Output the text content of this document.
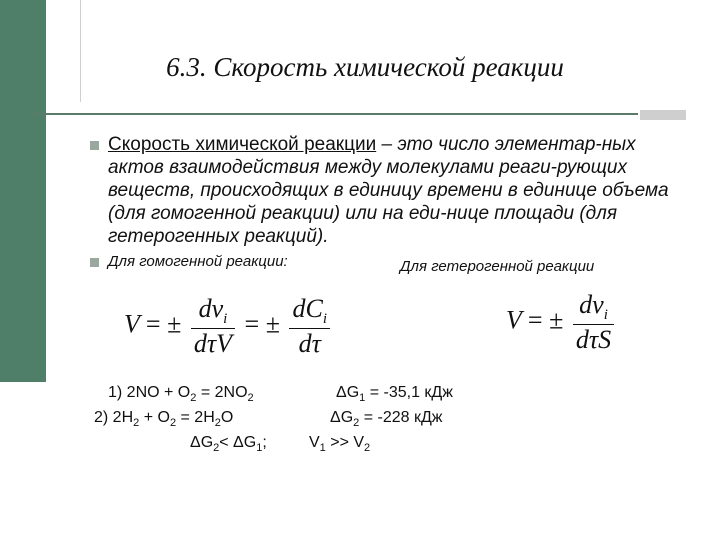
6.3. Скорость химической реакции
Скорость химической реакции – это число элементар-ных актов взаимодействия между молекулами реаги-рующих веществ, происходящих в единицу времени в единице объема (для гомогенной реакции) или на еди-нице площади (для гетерогенных реакций).
Для гомогенной реакции:	Для гетерогенной реакции
V = ± $\frac{d\nu_i}{\text{dτV}}$ = ± $\frac{dC_i}{d\tau}$	V = ± $\frac{d\nu_i}{\text{dτS}}$
1) $2NO + O_2 = 2NO_2$	$\Delta G_1 = -35,1$ кДж
2) $2H_2 + O_2 = 2H_2O$	$\Delta G_2 = -228$ кДж
$\Delta G_2< \Delta G_1$;	$V_1 >> V_2$
